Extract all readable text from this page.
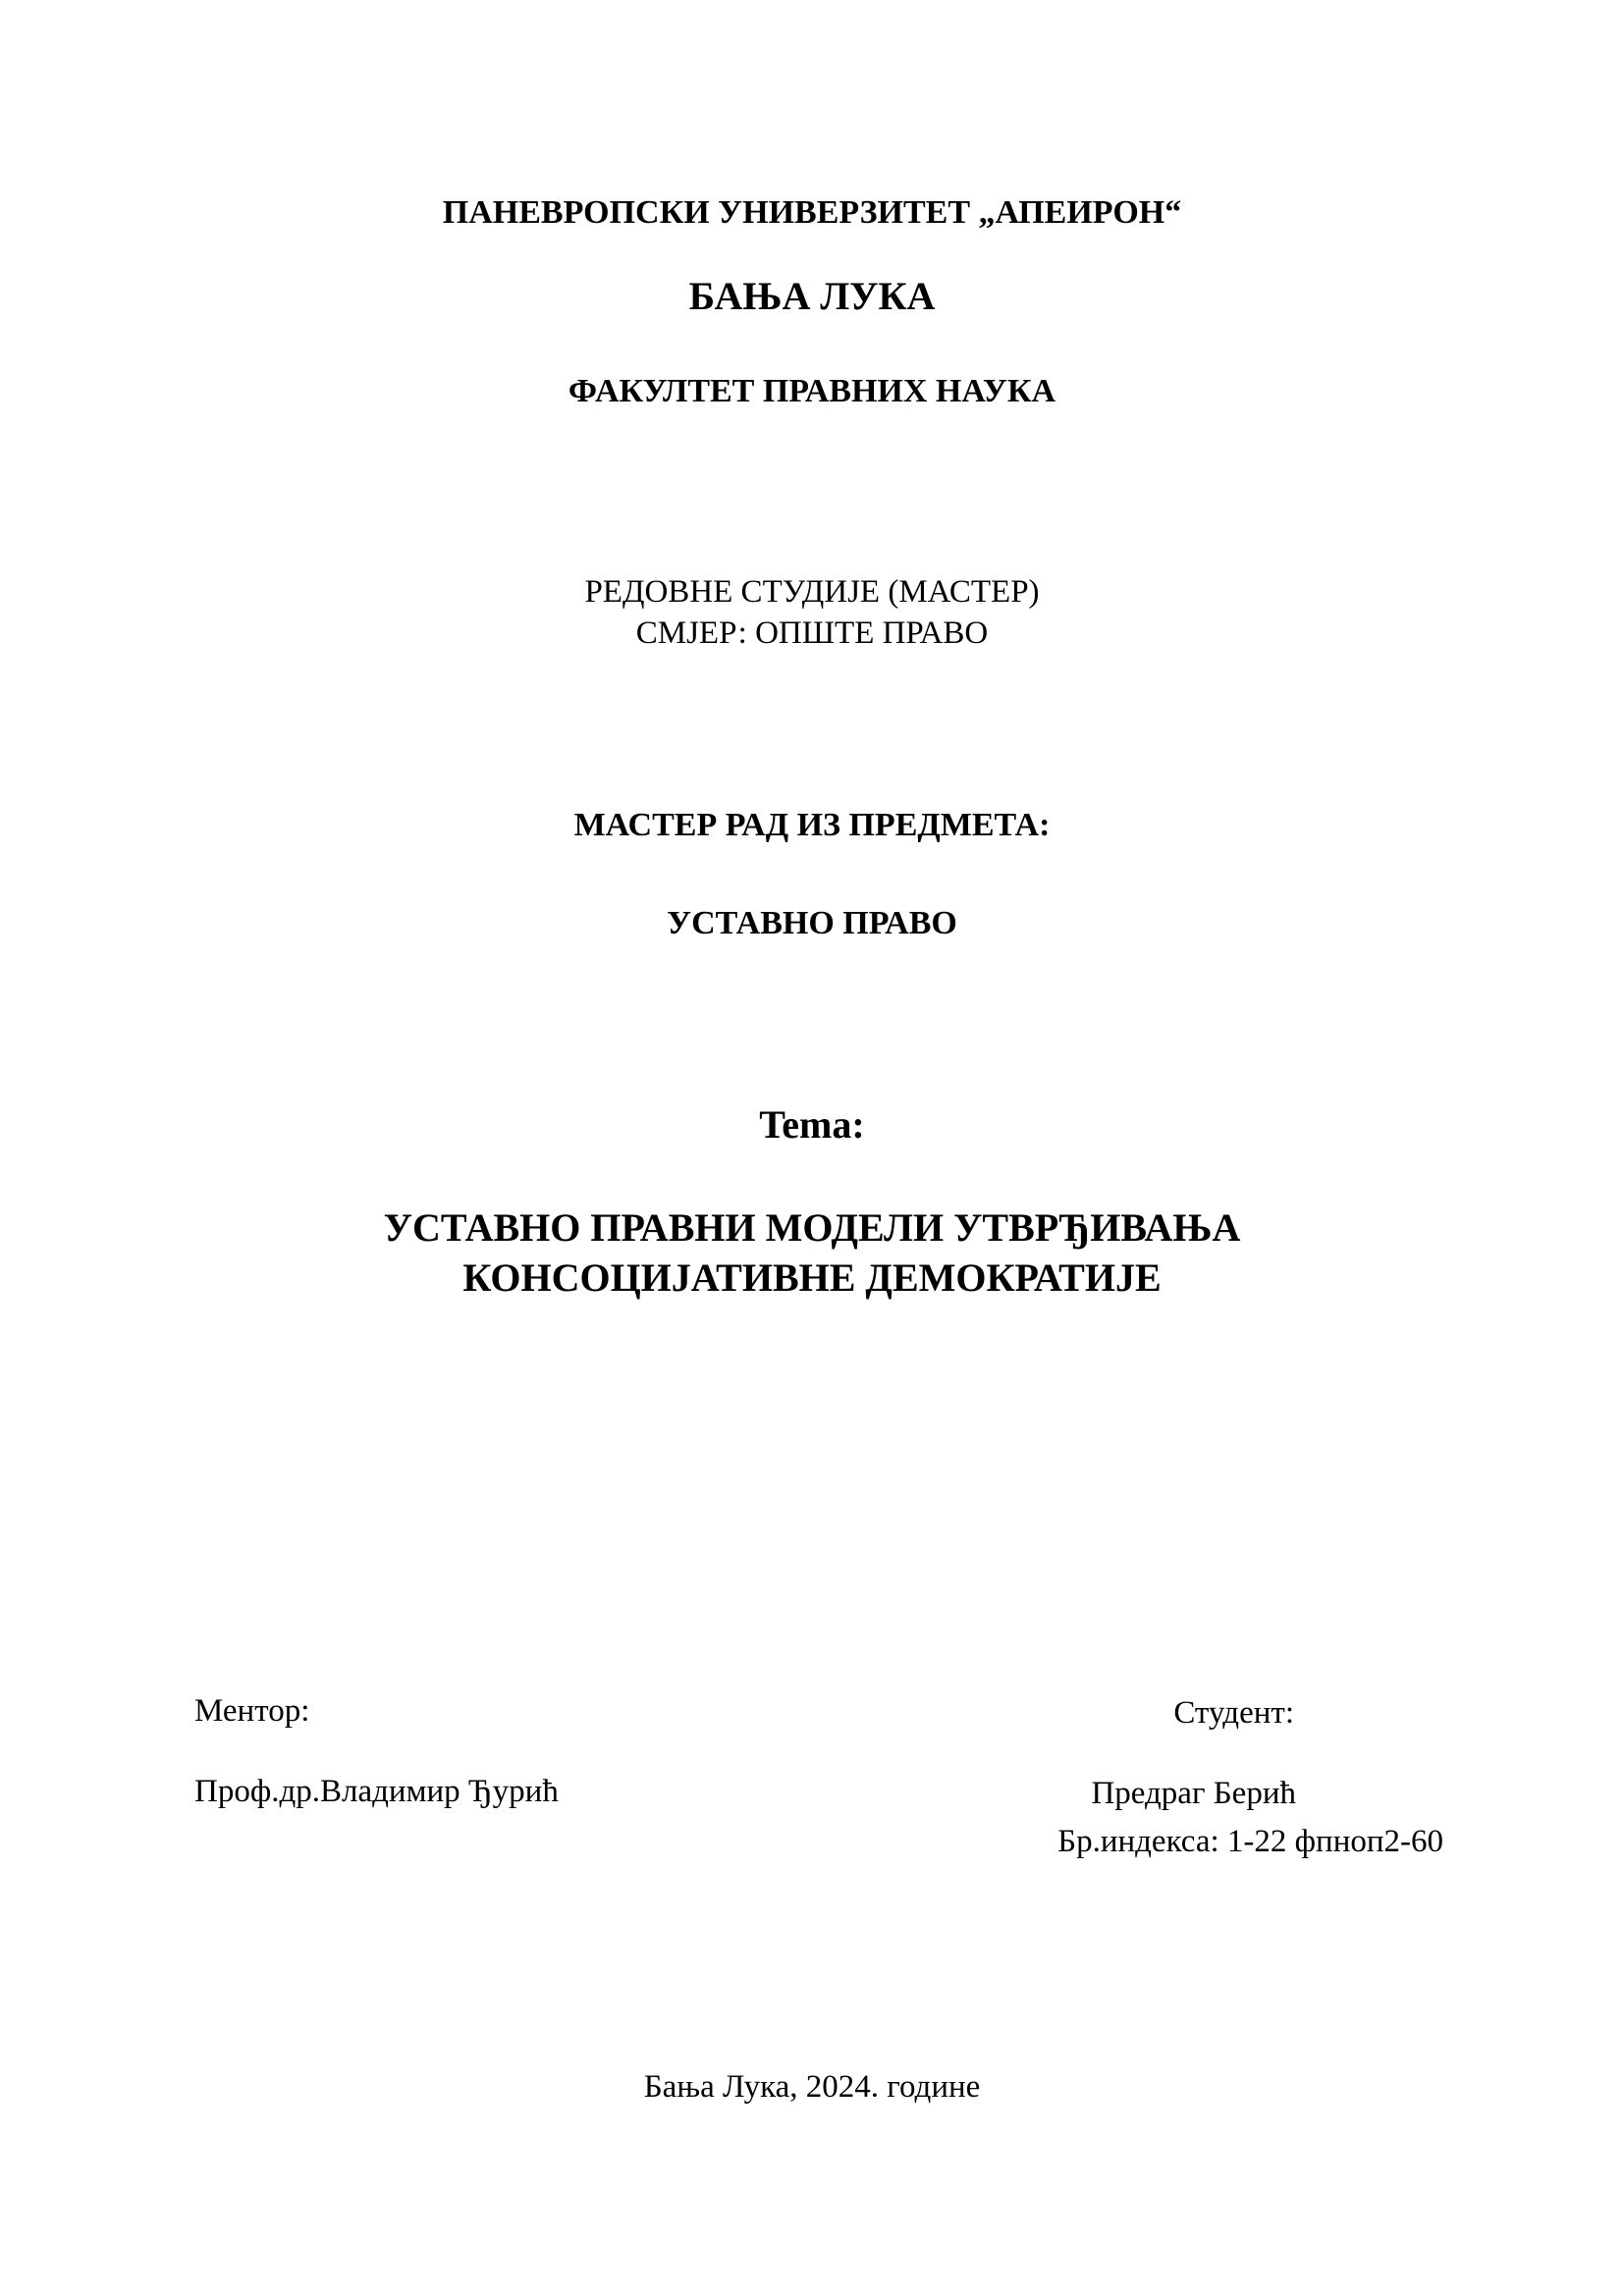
ПАНЕВРОПСКИ УНИВЕРЗИТЕТ „АПЕИРОН“

БАЊА ЛУКА

ФАКУЛТЕТ ПРАВНИХ НАУКА

РЕДОВНЕ СТУДИЈЕ (МАСТЕР)
СМЈЕР: ОПШТЕ ПРАВО

МАСТЕР РАД ИЗ ПРЕДМЕТА:

УСТАВНО ПРАВО

Tema:

УСТАВНО ПРАВНИ МОДЕЛИ УТВРЂИВАЊА
КОНСОЦИЈАТИВНЕ ДЕМОКРАТИЈЕ

Ментор:

Проф.др.Владимир Ђурић

Студент:

Предраг Берић

Бр.индекса: 1-22 фпноп2-60

Бања Лука, 2024. године
